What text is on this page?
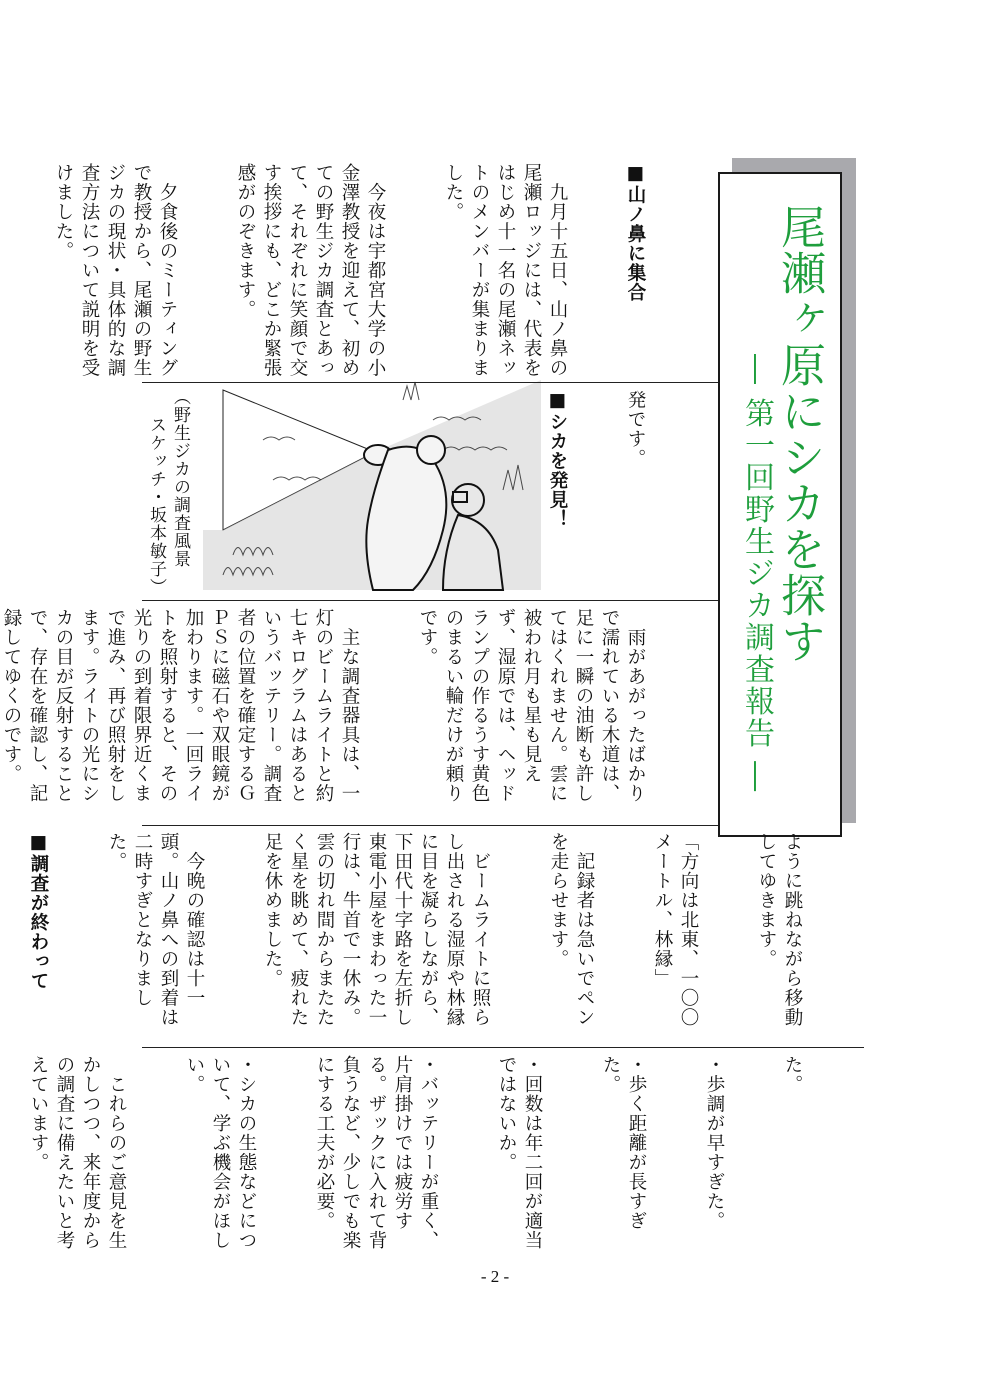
尾瀬ヶ原にシカを探す
― 第一回野生ジカ調査報告 ―

■山ノ鼻に集合

　九月十五日、山ノ鼻の尾瀬ロッジには、代表をはじめ十一名の尾瀬ネットのメンバーが集まりました。

　今夜は宇都宮大学の小金澤教授を迎えて、初めての野生ジカ調査とあって、それぞれに笑顔で交す挨拶にも、どこか緊張感がのぞきます。

　夕食後のミーティングで教授から、尾瀬の野生ジカの現状・具体的な調査方法について説明を受けました。

発です。

■シカを発見！

（野生ジカの調査風景
スケッチ・坂本敏子）

　雨があがったばかりで濡れている木道は、足に一瞬の油断も許してはくれません。雲に被われ月も星も見えず、湿原では、ヘッドランプの作るうす黄色のまるい輪だけが頼りです。

　主な調査器具は、一灯のビームライトと約七キログラムはあるというバッテリー。調査者の位置を確定するＧＰＳに磁石や双眼鏡が加わります。一回ライトを照射すると、その光りの到着限界近くまで進み、再び照射をします。ライトの光にシカの目が反射することで、存在を確認し、記録してゆくのです。

ように跳ねながら移動してゆきます。

「方向は北東、一〇〇メートル、林縁」

　記録者は急いでペンを走らせます。

　ビームライトに照らし出される湿原や林縁に目を凝らしながら、下田代十字路を左折し東電小屋をまわった一行は、牛首で一休み。雲の切れ間からまたたく星を眺めて、疲れた足を休めました。

　今晩の確認は十一頭。山ノ鼻への到着は二時すぎとなりました。

■調査が終わって

た。

・歩調が早すぎた。

・歩く距離が長すぎた。

・回数は年二回が適当ではないか。

・バッテリーが重く、片肩掛けでは疲労する。ザックに入れて背負うなど、少しでも楽にする工夫が必要。

・シカの生態などについて、学ぶ機会がほしい。

　これらのご意見を生かしつつ、来年度からの調査に備えたいと考えています。

- 2 -
